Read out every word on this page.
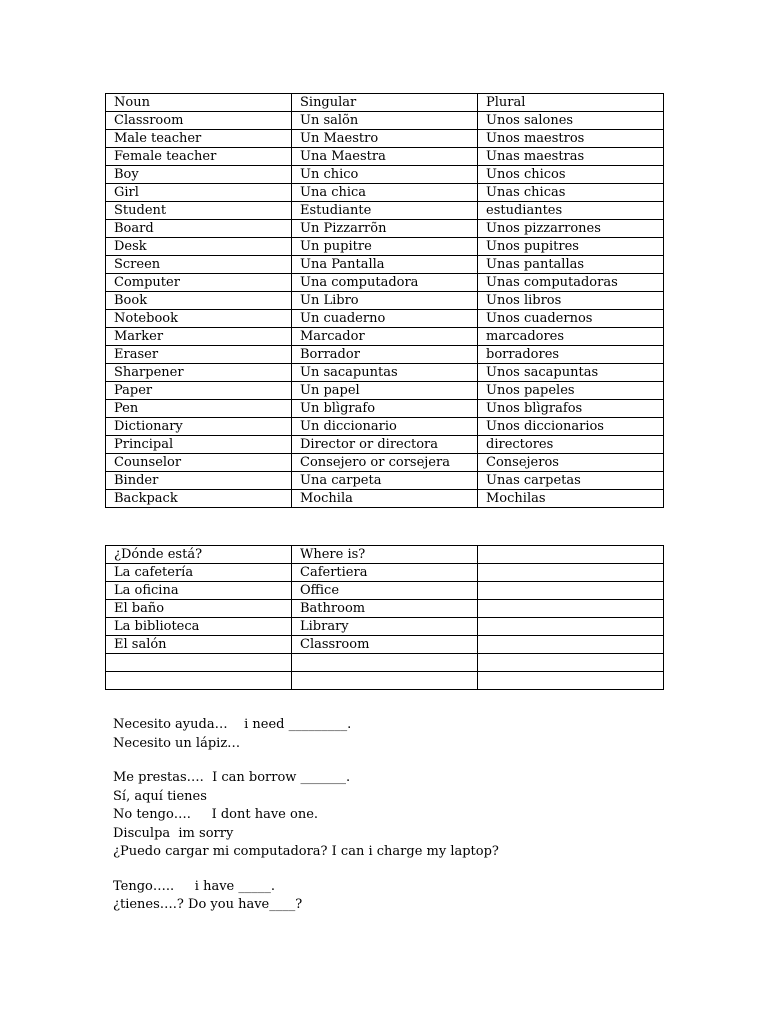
Noun	Singular	Plural
Classroom	Un salõn	Unos salones
Male teacher	Un Maestro	Unos maestros
Female teacher	Una Maestra	Unas maestras
Boy	Un chico	Unos chicos
Girl	Una chica	Unas chicas
Student	Estudiante	estudiantes
Board	Un Pizzarrõn	Unos pizzarrones
Desk	Un pupitre	Unos pupitres
Screen	Una Pantalla	Unas pantallas
Computer	Una computadora	Unas computadoras
Book	Un Libro	Unos libros
Notebook	Un cuaderno	Unos cuadernos
Marker	Marcador	marcadores
Eraser	Borrador	borradores
Sharpener	Un sacapuntas	Unos sacapuntas
Paper	Un papel	Unos papeles
Pen	Un blìgrafo	Unos blìgrafos
Dictionary	Un diccionario	Unos diccionarios
Principal	Director or directora	directores
Counselor	Consejero or corsejera	Consejeros
Binder	Una carpeta	Unas carpetas
Backpack	Mochila	Mochilas
¿Dónde está?	Where is?	
La cafetería	Cafertiera	
La oficina	Office	
El baño	Bathroom	
La biblioteca	Library	
El salón	Classroom	

Necesito ayuda…    i need _________.
Necesito un lápiz…
Me prestas….  I can borrow _______.
Sí, aquí tienes
No tengo….     I dont have one.
Disculpa  im sorry
¿Puedo cargar mi computadora? I can i charge my laptop?
Tengo…..     i have _____.
¿tienes….? Do you have____?
